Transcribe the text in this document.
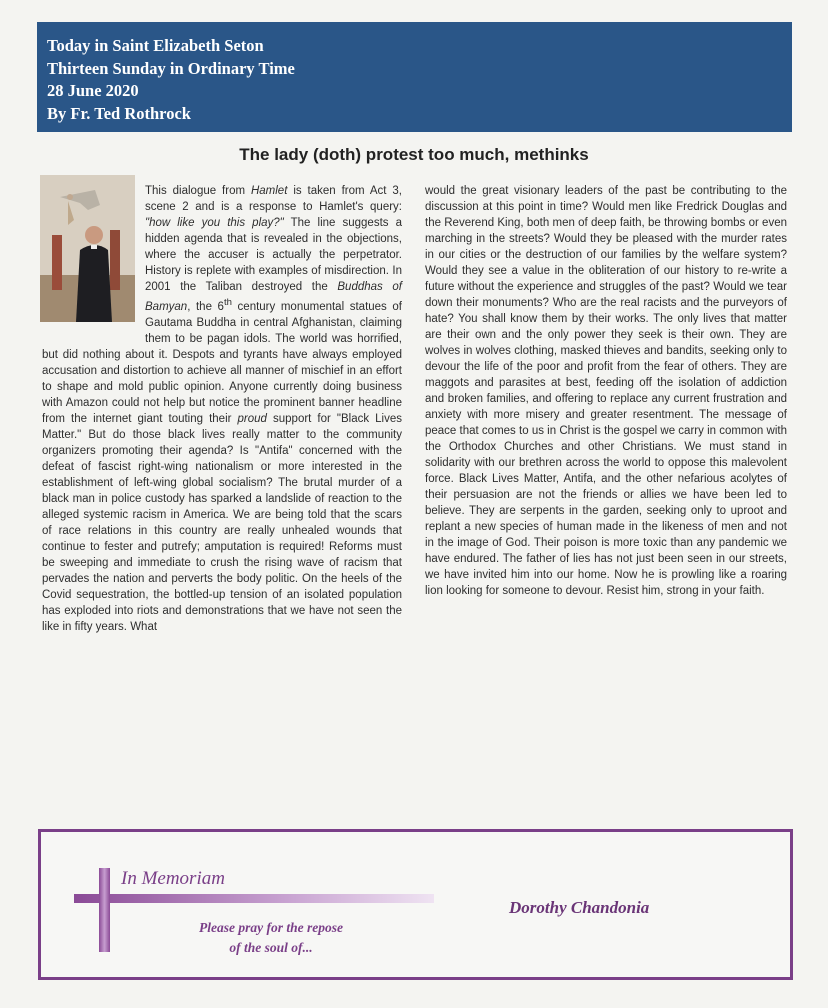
Today in Saint Elizabeth Seton
Thirteen Sunday in Ordinary Time
28 June 2020
By Fr. Ted Rothrock
The lady (doth) protest too much, methinks

This dialogue from Hamlet is taken from Act 3, scene 2 and is a response to Hamlet's query: "how like you this play?" The line suggests a hidden agenda that is revealed in the objections, where the accuser is actually the perpetrator. History is replete with examples of misdirection. In 2001 the Taliban destroyed the Buddhas of Bamyan, the 6th century monumental statues of Gautama Buddha in central Afghanistan, claiming them to be pagan idols. The world was horrified, but did nothing about it. Despots and tyrants have always employed accusation and distortion to achieve all manner of mischief in an effort to shape and mold public opinion. Anyone currently doing business with Amazon could not help but notice the prominent banner headline from the internet giant touting their proud support for "Black Lives Matter." But do those black lives really matter to the community organizers promoting their agenda? Is "Antifa" concerned with the defeat of fascist right-wing nationalism or more interested in the establishment of left-wing global socialism? The brutal murder of a black man in police custody has sparked a landslide of reaction to the alleged systemic racism in America. We are being told that the scars of race relations in this country are really unhealed wounds that continue to fester and putrefy; amputation is required! Reforms must be sweeping and immediate to crush the rising wave of racism that pervades the nation and perverts the body politic. On the heels of the Covid sequestration, the bottled-up tension of an isolated population has exploded into riots and demonstrations that we have not seen the like in fifty years. What

would the great visionary leaders of the past be contributing to the discussion at this point in time? Would men like Fredrick Douglas and the Reverend King, both men of deep faith, be throwing bombs or even marching in the streets? Would they be pleased with the murder rates in our cities or the destruction of our families by the welfare system? Would they see a value in the obliteration of our history to re-write a future without the experience and struggles of the past? Would we tear down their monuments? Who are the real racists and the purveyors of hate? You shall know them by their works. The only lives that matter are their own and the only power they seek is their own. They are wolves in wolves clothing, masked thieves and bandits, seeking only to devour the life of the poor and profit from the fear of others. They are maggots and parasites at best, feeding off the isolation of addiction and broken families, and offering to replace any current frustration and anxiety with more misery and greater resentment. The message of peace that comes to us in Christ is the gospel we carry in common with the Orthodox Churches and other Christians. We must stand in solidarity with our brethren across the world to oppose this malevolent force. Black Lives Matter, Antifa, and the other nefarious acolytes of their persuasion are not the friends or allies we have been led to believe. They are serpents in the garden, seeking only to uproot and replant a new species of human made in the likeness of men and not in the image of God. Their poison is more toxic than any pandemic we have endured. The father of lies has not just been seen in our streets, we have invited him into our home. Now he is prowling like a roaring lion looking for someone to devour. Resist him, strong in your faith.

In Memoriam
Please pray for the repose
of the soul of...
Dorothy Chandonia
